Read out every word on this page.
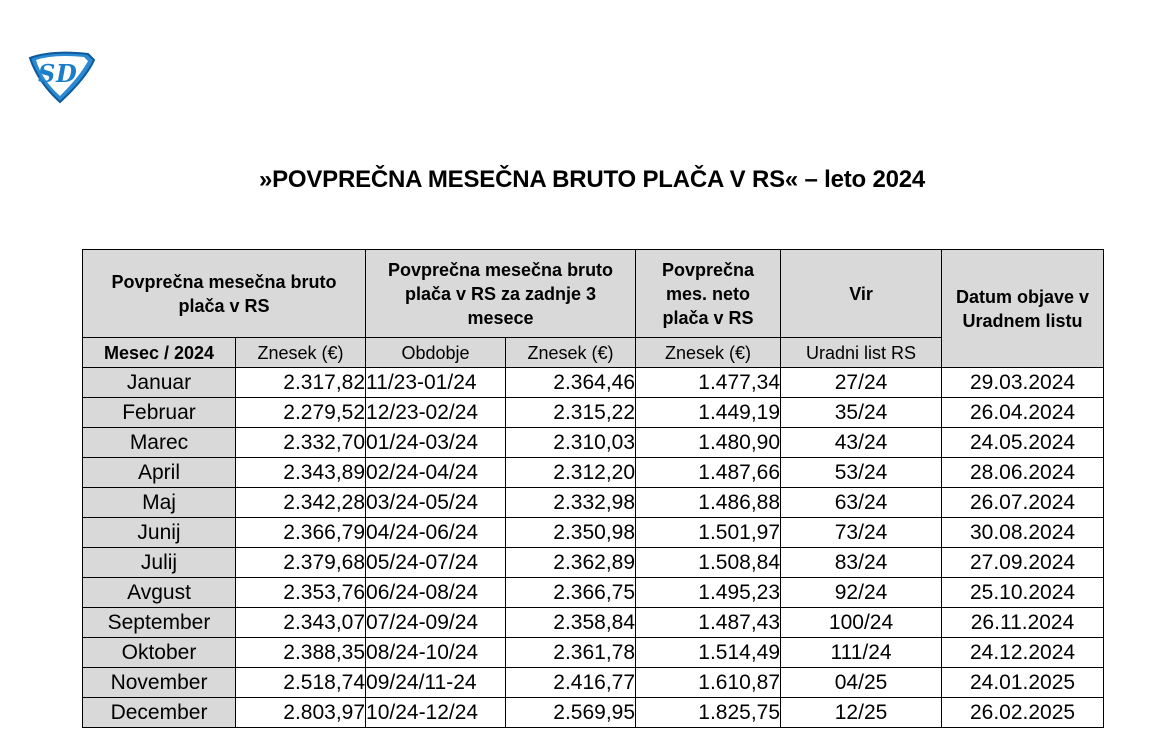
S D
»POVPREČNA MESEČNA BRUTO PLAČA V RS« – leto 2024
Povprečna mesečna bruto plača v RS		Povprečna mesečna bruto plača v RS za zadnje 3 mesece		Povprečna mes. neto plača v RS	Vir	Datum objave v Uradnem listu
Mesec / 2024	Znesek (€)	Obdobje	Znesek (€)	Znesek (€)	Uradni list RS	
Januar	2.317,82	11/23-01/24	2.364,46	1.477,34	27/24	29.03.2024
Februar	2.279,52	12/23-02/24	2.315,22	1.449,19	35/24	26.04.2024
Marec	2.332,70	01/24-03/24	2.310,03	1.480,90	43/24	24.05.2024
April	2.343,89	02/24-04/24	2.312,20	1.487,66	53/24	28.06.2024
Maj	2.342,28	03/24-05/24	2.332,98	1.486,88	63/24	26.07.2024
Junij	2.366,79	04/24-06/24	2.350,98	1.501,97	73/24	30.08.2024
Julij	2.379,68	05/24-07/24	2.362,89	1.508,84	83/24	27.09.2024
Avgust	2.353,76	06/24-08/24	2.366,75	1.495,23	92/24	25.10.2024
September	2.343,07	07/24-09/24	2.358,84	1.487,43	100/24	26.11.2024
Oktober	2.388,35	08/24-10/24	2.361,78	1.514,49	111/24	24.12.2024
November	2.518,74	09/24/11-24	2.416,77	1.610,87	04/25	24.01.2025
December	2.803,97	10/24-12/24	2.569,95	1.825,75	12/25	26.02.2025
